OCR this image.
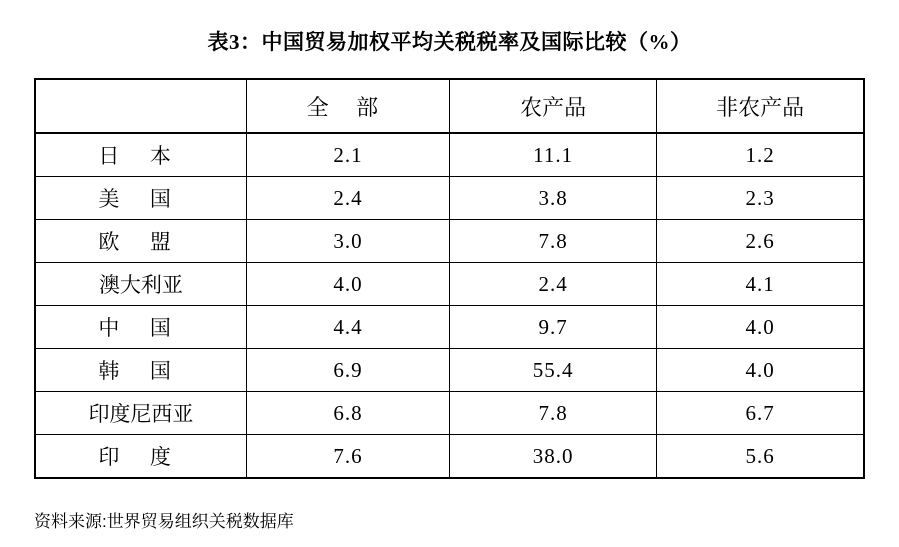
表3：中国贸易加权平均关税税率及国际比较（%）
	全 部	农产品	非农产品
日 本	2.1	11.1	1.2
美 国	2.4	3.8	2.3
欧 盟	3.0	7.8	2.6
澳大利亚	4.0	2.4	4.1
中 国	4.4	9.7	4.0
韩 国	6.9	55.4	4.0
印度尼西亚	6.8	7.8	6.7
印 度	7.6	38.0	5.6
资料来源:世界贸易组织关税数据库
